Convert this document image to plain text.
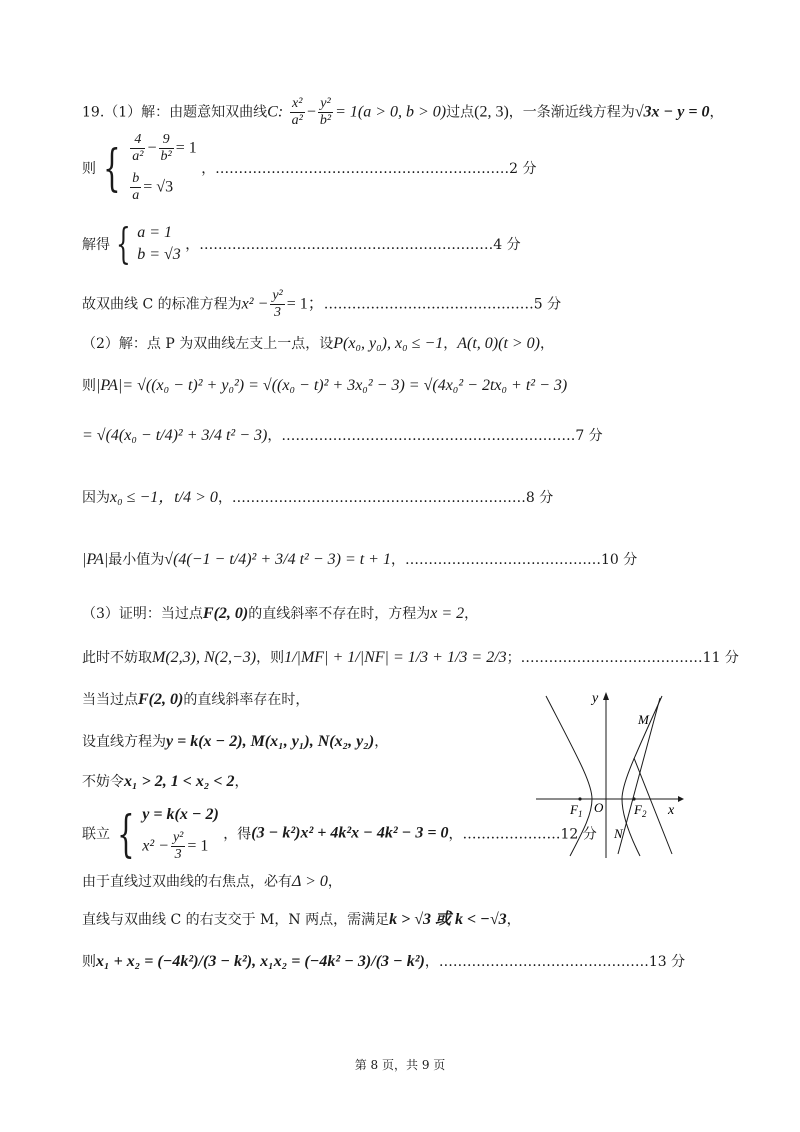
19.（1）解：由题意知双曲线C: $\frac{\text{x²}}{\text{a²}} - \frac{\text{y²}}{\text{b²}} = 1(a > 0$, b > 0)过点(2, 3)，一条渐近线方程为√3x − y = 0，
则 { $\frac{4}{\text{a²}} - \frac{9}{\text{b²}} = 1$
$\frac{b}{a} = √3$
，………………………………………………………2 分
解得 { a = 1
b = √3
，………………………………………………………4 分
故双曲线 C 的标准方程为$x^2 - \frac{\text{y²}}{3} = 1$；………………………………………5 分
（2）解：点 P 为双曲线左支上一点，设P(x₀, y₀), x₀ ≤ −1，A(t, 0)(t > 0)，
则|PA|= √((x₀ − t)² + y₀²) = √((x₀ − t)² + 3x₀² − 3) = √(4x₀² − 2tx₀ + t² − 3)
= √(4(x₀ − t/4)² + 3/4 t² − 3)，………………………………………………………7 分
因为x₀ ≤ −1，t/4 > 0，………………………………………………………8 分
|PA|最小值为√(4(−1 − t/4)² + 3/4 t² − 3) = t + 1，……………………………………10 分
（3）证明：当过点F(2, 0)的直线斜率不存在时，方程为x = 2，
此时不妨取M(2,3), N(2,−3)，则1/|MF| + 1/|NF| = 1/3 + 1/3 = 2/3；…………………………………11 分
当当过点F(2, 0)的直线斜率存在时，
设直线方程为y = k(x − 2), M(x₁, y₁), N(x₂, y₂)，
不妨令x₁ > 2, 1 < x₂ < 2，
联立 { y = k(x − 2)
$x^2 - \frac{\text{y²}}{3} = 1$
，得(3 − k²)x² + 4k²x − 4k² − 3 = 0，…………………12 分
由于直线过双曲线的右焦点，必有Δ > 0，
直线与双曲线 C 的右支交于 M，N 两点，需满足k > √3 或 k < −√3，
则x₁ + x₂ = (−4k²)/(3 − k²), x₁x₂ = (−4k² − 3)/(3 − k²)，………………………………………13 分
y
x
M
N
O
$F_1$	$F_2$
第 8 页，共 9 页
